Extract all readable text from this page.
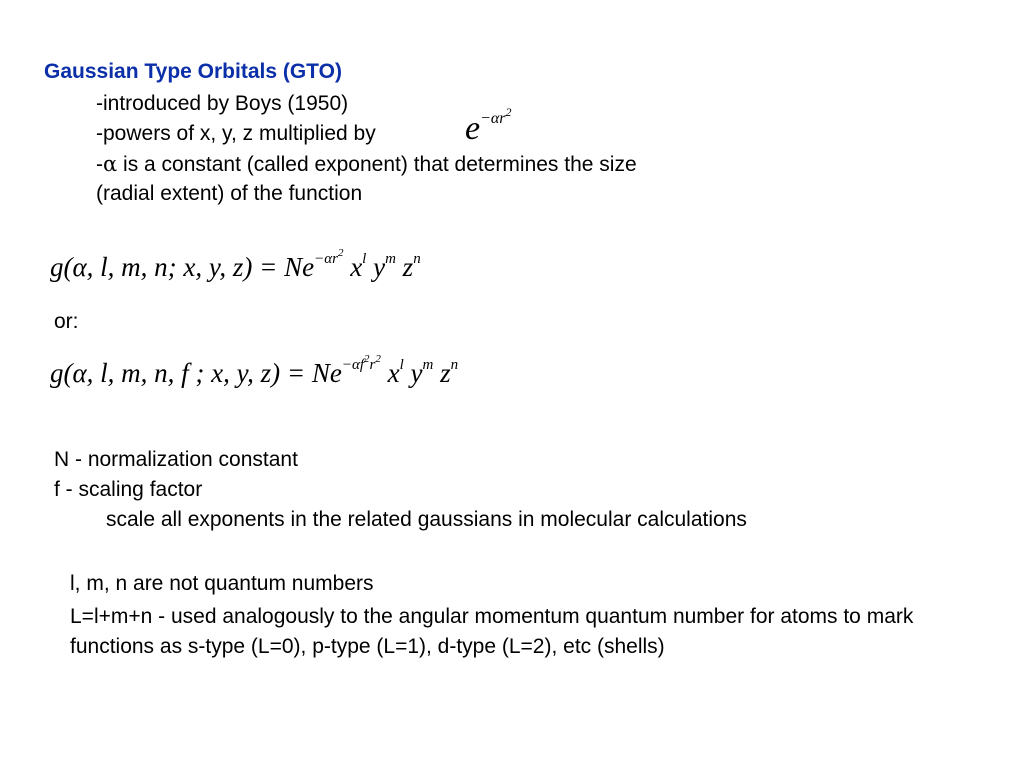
Gaussian Type Orbitals (GTO)
-introduced by Boys (1950)
-powers of x, y, z multiplied by	$e^{-\alpha r^2}$
-α is a constant (called exponent) that determines the size
(radial extent) of the function
g(α, l, m, n; x, y, $z) = Ne^{-\alpha r^2}$ $x^l$ $y^m$ $z^n$
or:
g(α, l, m, n, f ; x, y, $z) = Ne^{-\alpha f^2r^2}$ $x^l$ $y^m$ $z^n$
N - normalization constant
f - scaling factor
scale all exponents in the related gaussians in molecular calculations
l, m, n are not quantum numbers
L=l+m+n - used analogously to the angular momentum quantum number for atoms to mark functions as s-type (L=0), p-type (L=1), d-type (L=2), etc (shells)
